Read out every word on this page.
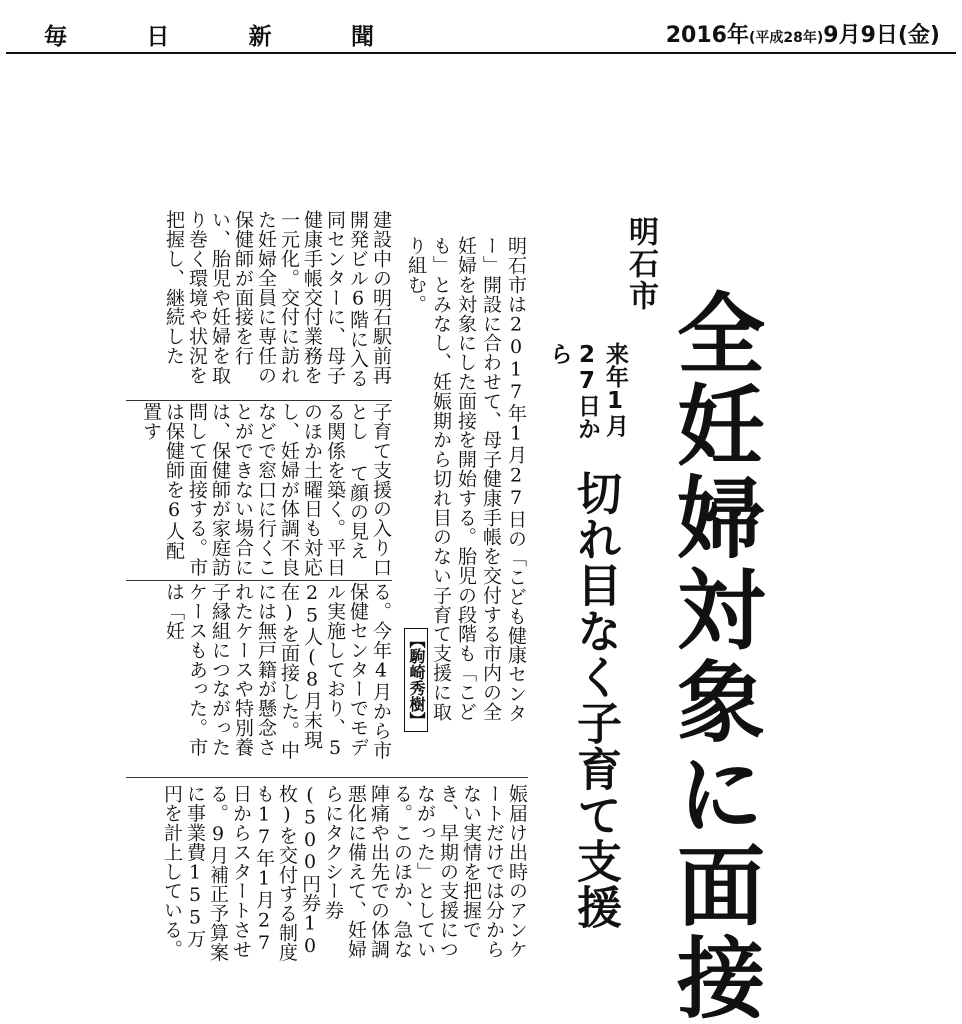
毎	日	新	聞	2016年(平成28年)9月9日(金)
明石市
全妊婦対象に面接
来年1月27日から
切れ目なく子育て支援
明石市は2017年1月27日の「こども健康センター」開設に合わせて、母子健康手帳を交付する市内の全妊婦を対象にした面接を開始する。胎児の段階も「こども」とみなし、妊娠期から切れ目のない子育て支援に取り組む。
【駒崎秀樹】
建設中の明石駅前再開発ビル6階に入る同センターに、母子健康手帳交付業務を一元化。交付に訪れた妊婦全員に専任の保健師が面接を行い、胎児や妊婦を取り巻く環境や状況を把握し、継続した
子育て支援の入り口とし て顔の見える関係を築く。平日のほか土曜日も対応し、妊婦が体調不良などで窓口に行くことができない場合には、保健師が家庭訪問して面接する。市は保健師を6人配置す
る。今年4月から市保健センターでモデル実施しており、525人(8月末現在)を面接した。中には無戸籍が懸念されたケースや特別養子縁組につながったケースもあった。市は「妊
娠届け出時のアンケートだけでは分からない実情を把握でき、早期の支援につながった」としている。このほか、急な陣痛や出先での体調悪化に備えて、妊婦らにタクシー券(500円券10枚)を交付する制度も17年1月27日からスタートさせる。9月補正予算案に事業費155万円を計上している。
